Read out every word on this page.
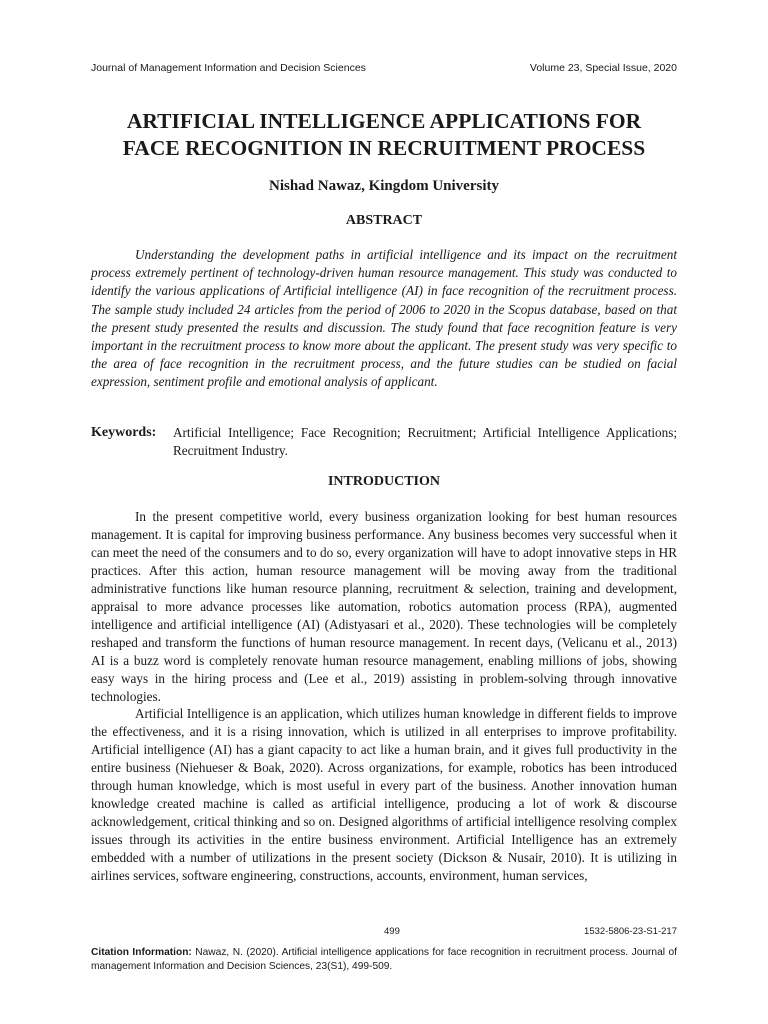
Journal of Management Information and Decision Sciences	Volume 23, Special Issue, 2020
ARTIFICIAL INTELLIGENCE APPLICATIONS FOR
FACE RECOGNITION IN RECRUITMENT PROCESS

Nishad Nawaz, Kingdom University

ABSTRACT

Understanding the development paths in artificial intelligence and its impact on the recruitment process extremely pertinent of technology-driven human resource management. This study was conducted to identify the various applications of Artificial intelligence (AI) in face recognition of the recruitment process. The sample study included 24 articles from the period of 2006 to 2020 in the Scopus database, based on that the present study presented the results and discussion. The study found that face recognition feature is very important in the recruitment process to know more about the applicant. The present study was very specific to the area of face recognition in the recruitment process, and the future studies can be studied on facial expression, sentiment profile and emotional analysis of applicant.

Keywords:	Artificial Intelligence; Face Recognition; Recruitment; Artificial Intelligence Applications; Recruitment Industry.
INTRODUCTION

In the present competitive world, every business organization looking for best human resources management. It is capital for improving business performance. Any business becomes very successful when it can meet the need of the consumers and to do so, every organization will have to adopt innovative steps in HR practices. After this action, human resource management will be moving away from the traditional administrative functions like human resource planning, recruitment & selection, training and development, appraisal to more advance processes like automation, robotics automation process (RPA), augmented intelligence and artificial intelligence (AI) (Adistyasari et al., 2020). These technologies will be completely reshaped and transform the functions of human resource management. In recent days, (Velicanu et al., 2013) AI is a buzz word is completely renovate human resource management, enabling millions of jobs, showing easy ways in the hiring process and (Lee et al., 2019) assisting in problem-solving through innovative technologies.

Artificial Intelligence is an application, which utilizes human knowledge in different fields to improve the effectiveness, and it is a rising innovation, which is utilized in all enterprises to improve profitability. Artificial intelligence (AI) has a giant capacity to act like a human brain, and it gives full productivity in the entire business (Niehueser & Boak, 2020). Across organizations, for example, robotics has been introduced through human knowledge, which is most useful in every part of the business. Another innovation human knowledge created machine is called as artificial intelligence, producing a lot of work & discourse acknowledgement, critical thinking and so on. Designed algorithms of artificial intelligence resolving complex issues through its activities in the entire business environment. Artificial Intelligence has an extremely embedded with a number of utilizations in the present society (Dickson & Nusair, 2010). It is utilizing in airlines services, software engineering, constructions, accounts, environment, human services,

499	1532-5806-23-S1-217
Citation Information: Nawaz, N. (2020). Artificial intelligence applications for face recognition in recruitment process. Journal of management Information and Decision Sciences, 23(S1), 499-509.
